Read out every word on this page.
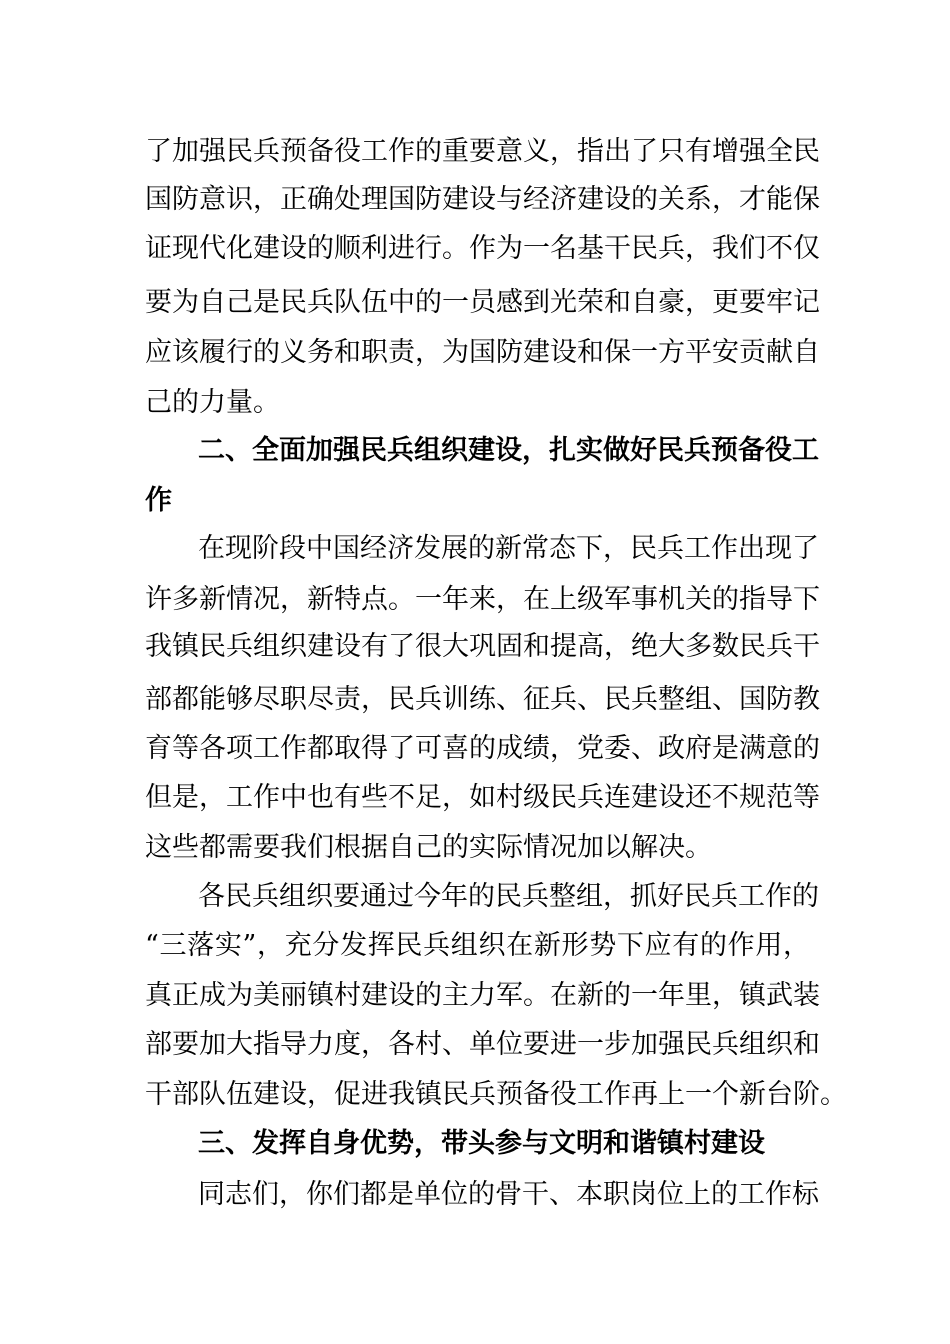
了加强民兵预备役工作的重要意义，指出了只有增强全民
国防意识，正确处理国防建设与经济建设的关系，才能保
证现代化建设的顺利进行。作为一名基干民兵，我们不仅
要为自己是民兵队伍中的一员感到光荣和自豪，更要牢记
应该履行的义务和职责，为国防建设和保一方平安贡献自
己的力量。
二、全面加强民兵组织建设，扎实做好民兵预备役工
作
在现阶段中国经济发展的新常态下，民兵工作出现了
许多新情况，新特点。一年来，在上级军事机关的指导下
我镇民兵组织建设有了很大巩固和提高，绝大多数民兵干
部都能够尽职尽责，民兵训练、征兵、民兵整组、国防教
育等各项工作都取得了可喜的成绩，党委、政府是满意的
但是，工作中也有些不足，如村级民兵连建设还不规范等
这些都需要我们根据自己的实际情况加以解决。
各民兵组织要通过今年的民兵整组，抓好民兵工作的
“三落实”，充分发挥民兵组织在新形势下应有的作用，
真正成为美丽镇村建设的主力军。在新的一年里，镇武装
部要加大指导力度，各村、单位要进一步加强民兵组织和
干部队伍建设，促进我镇民兵预备役工作再上一个新台阶。
三、发挥自身优势，带头参与文明和谐镇村建设
同志们，你们都是单位的骨干、本职岗位上的工作标
